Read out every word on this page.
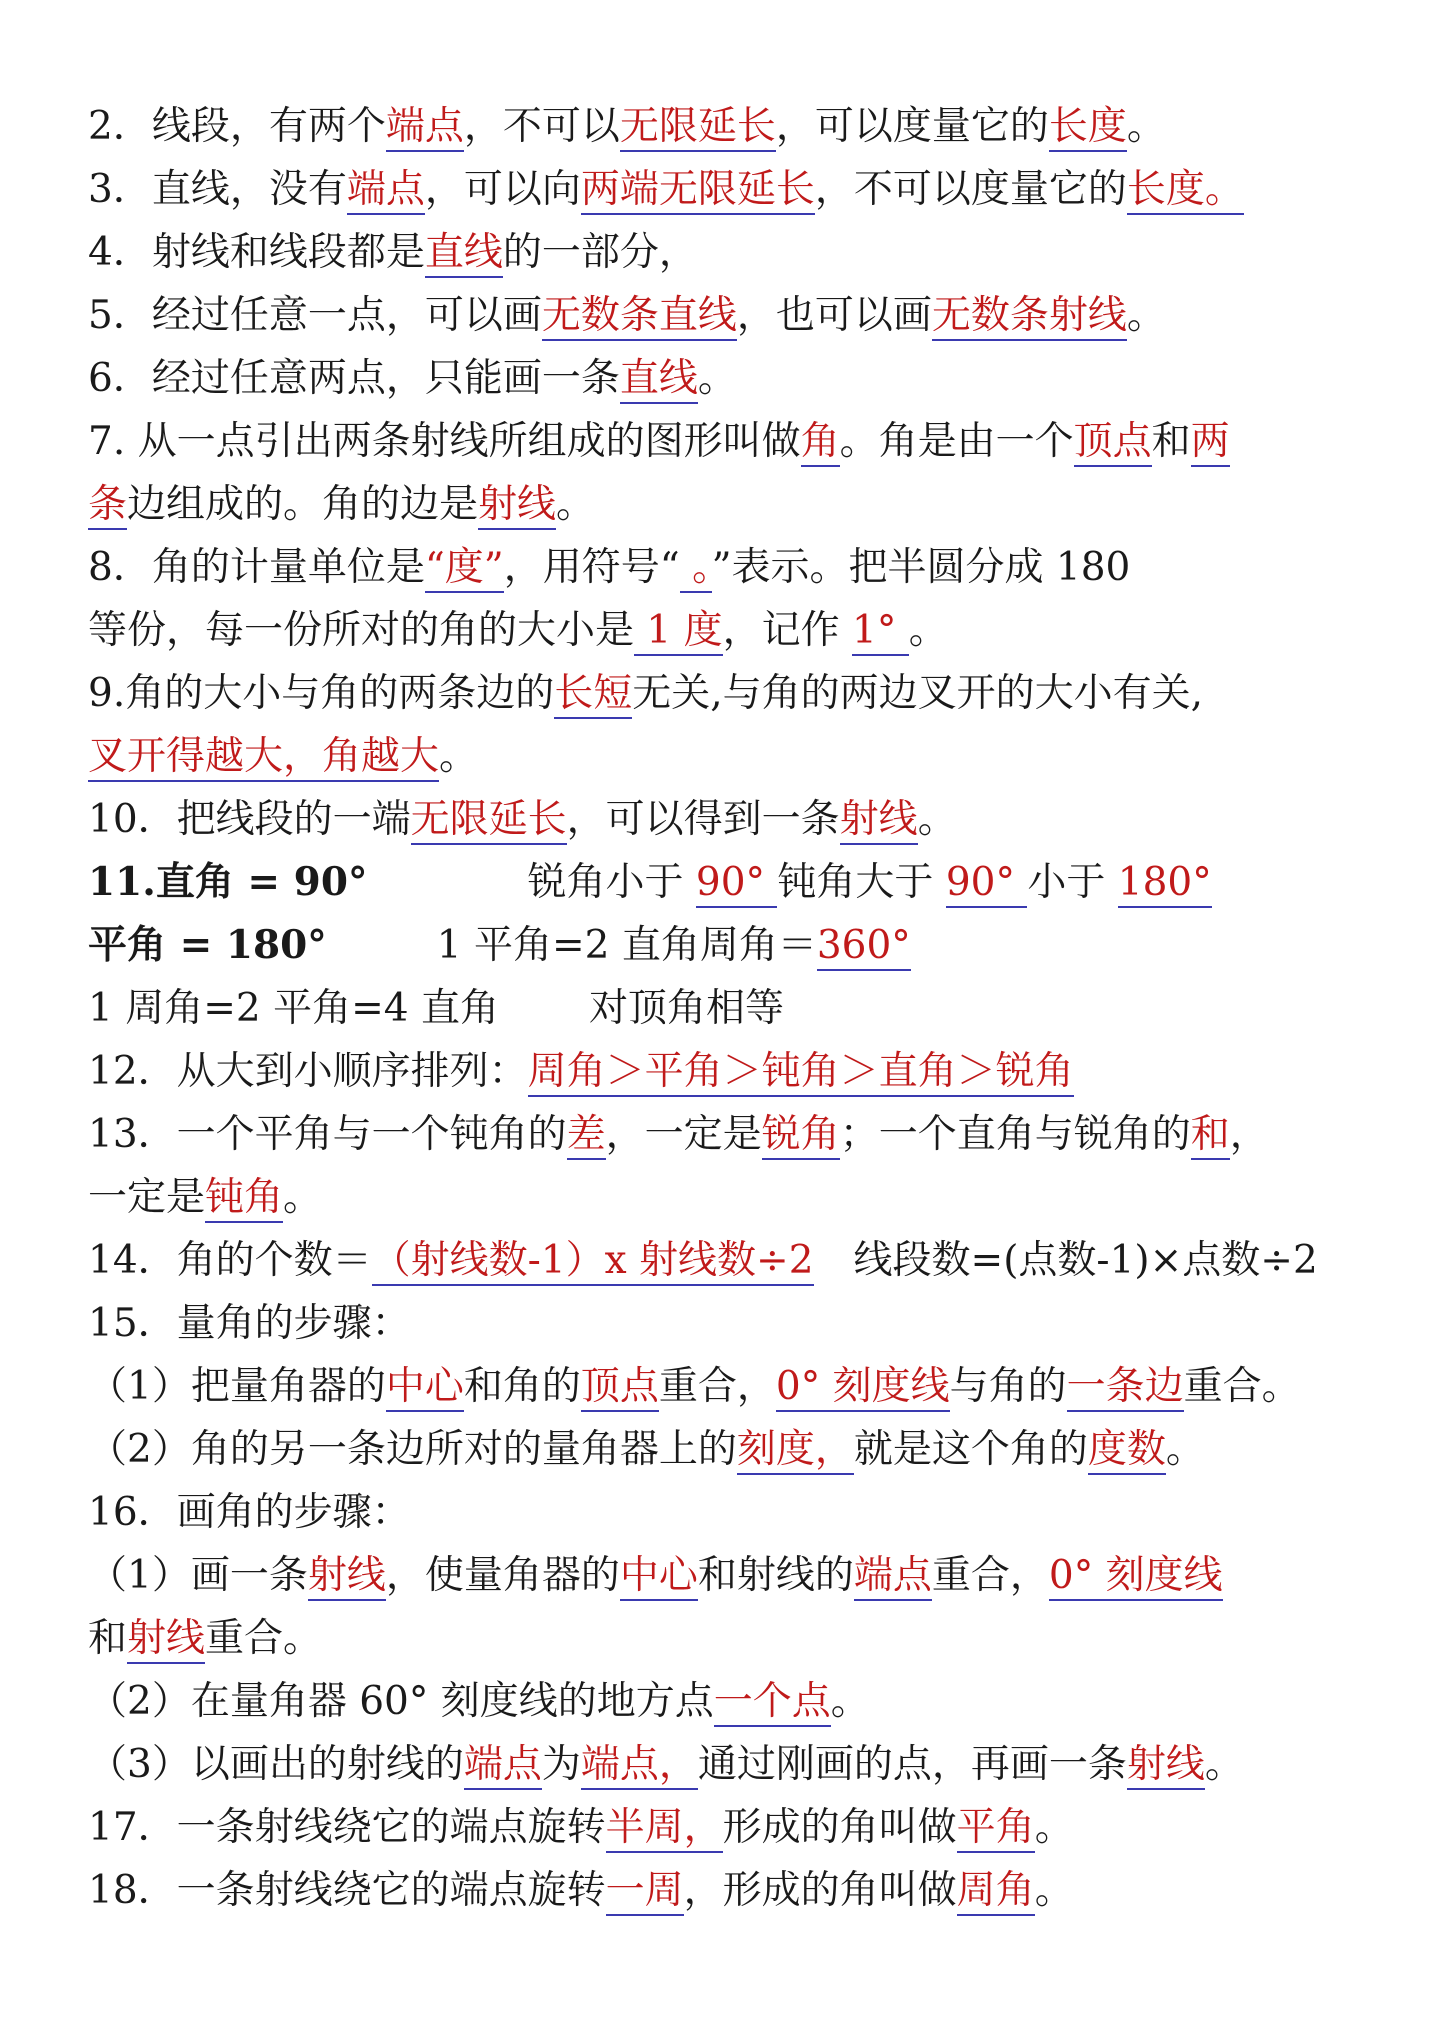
2．线段，有两个端点，不可以无限延长，可以度量它的长度。
3．直线，没有端点，可以向两端无限延长，不可以度量它的长度。
4．射线和线段都是直线的一部分，
5．经过任意一点，可以画无数条直线，也可以画无数条射线。
6．经过任意两点，只能画一条直线。
7. 从一点引出两条射线所组成的图形叫做角。角是由一个顶点和两
条边组成的。角的边是射线。
8．角的计量单位是“度”，用符号“ 。”表示。把半圆分成 180
等份，每一份所对的角的大小是 1 度，记作 1° 。
9.角的大小与角的两条边的长短无关,与角的两边叉开的大小有关,
叉开得越大，角越大。
10．把线段的一端无限延长，可以得到一条射线。
11.直角 = 90°	锐角小于 90° 钝角大于 90° 小于 180°
平角 = 180°	1 平角=2 直角周角＝360°
1 周角=2 平角=4 直角 对顶角相等
12．从大到小顺序排列：周角＞平角＞钝角＞直角＞锐角
13．一个平角与一个钝角的差，一定是锐角；一个直角与锐角的和，
一定是钝角。
14．角的个数＝（射线数-1）x 射线数÷2 线段数=(点数-1)×点数÷2
15．量角的步骤：
（1）把量角器的中心和角的顶点重合，0° 刻度线与角的一条边重合。
（2）角的另一条边所对的量角器上的刻度，就是这个角的度数。
16．画角的步骤：
（1）画一条射线，使量角器的中心和射线的端点重合，0° 刻度线
和射线重合。
（2）在量角器 60° 刻度线的地方点一个点。
（3）以画出的射线的端点为端点，通过刚画的点，再画一条射线。
17．一条射线绕它的端点旋转半周，形成的角叫做平角。
18．一条射线绕它的端点旋转一周，形成的角叫做周角。
